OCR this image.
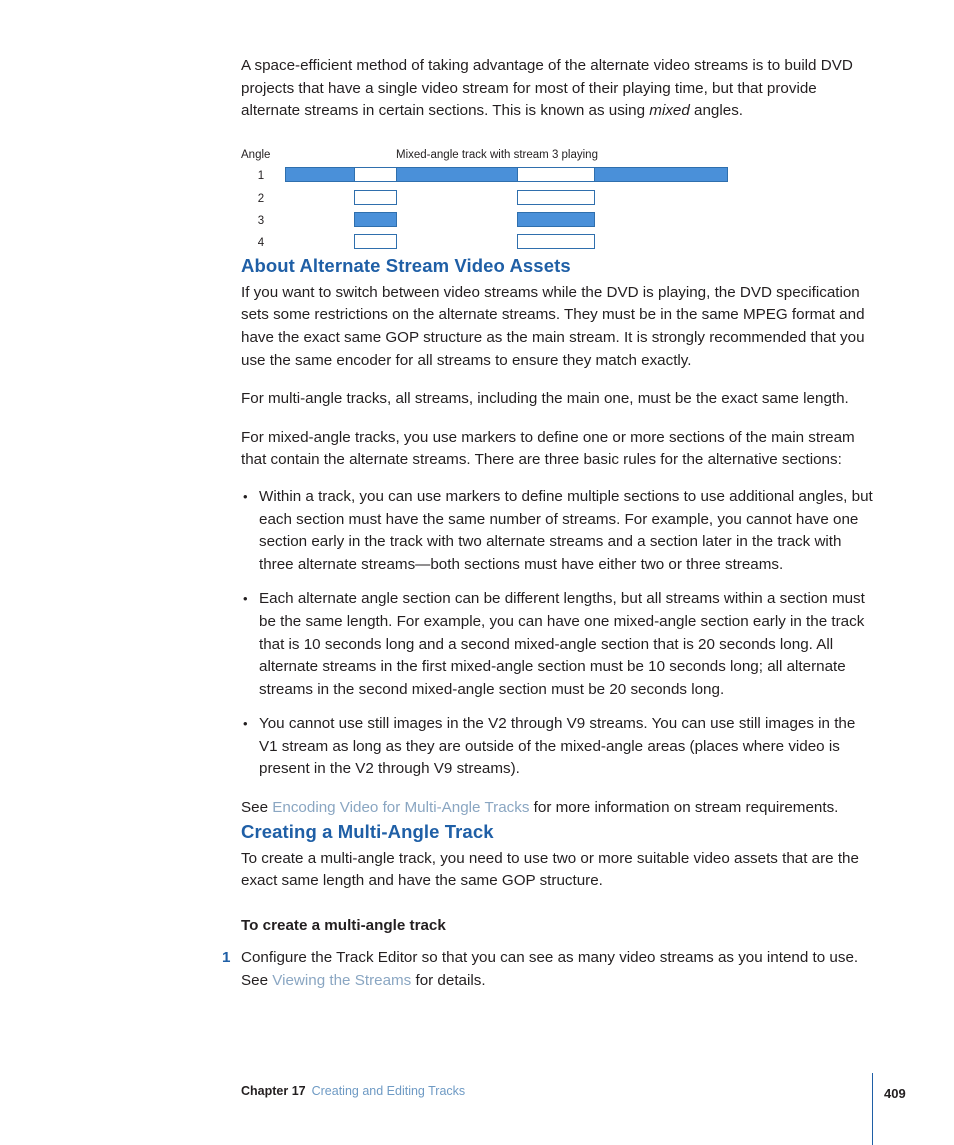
A space-efficient method of taking advantage of the alternate video streams is to build DVD projects that have a single video stream for most of their playing time, but that provide alternate streams in certain sections. This is known as using mixed angles.

Angle	Mixed-angle track with stream 3 playing
1
2
3
4
About Alternate Stream Video Assets

If you want to switch between video streams while the DVD is playing, the DVD specification sets some restrictions on the alternate streams. They must be in the same MPEG format and have the exact same GOP structure as the main stream. It is strongly recommended that you use the same encoder for all streams to ensure they match exactly.

For multi-angle tracks, all streams, including the main one, must be the exact same length.

For mixed-angle tracks, you use markers to define one or more sections of the main stream that contain the alternate streams. There are three basic rules for the alternative sections:

• Within a track, you can use markers to define multiple sections to use additional angles, but each section must have the same number of streams. For example, you cannot have one section early in the track with two alternate streams and a section later in the track with three alternate streams—both sections must have either two or three streams.
• Each alternate angle section can be different lengths, but all streams within a section must be the same length. For example, you can have one mixed-angle section early in the track that is 10 seconds long and a second mixed-angle section that is 20 seconds long. All alternate streams in the first mixed-angle section must be 10 seconds long; all alternate streams in the second mixed-angle section must be 20 seconds long.
• You cannot use still images in the V2 through V9 streams. You can use still images in the V1 stream as long as they are outside of the mixed-angle areas (places where video is present in the V2 through V9 streams).

See Encoding Video for Multi-Angle Tracks for more information on stream requirements.

Creating a Multi-Angle Track

To create a multi-angle track, you need to use two or more suitable video assets that are the exact same length and have the same GOP structure.

To create a multi-angle track
1 Configure the Track Editor so that you can see as many video streams as you intend to use. See Viewing the Streams for details.
Chapter 17 Creating and Editing Tracks	409
